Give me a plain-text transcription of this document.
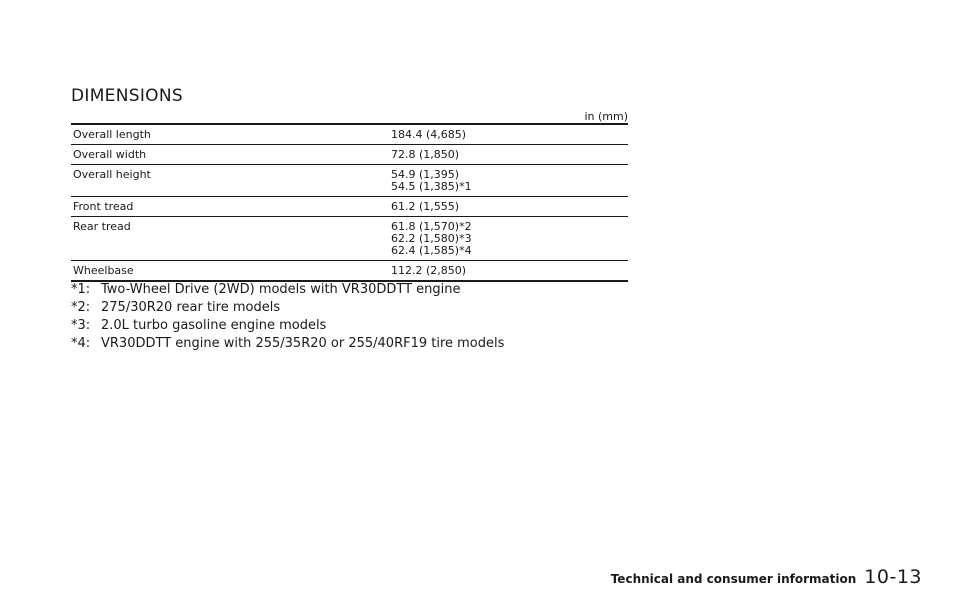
DIMENSIONS
in (mm)
Overall length	184.4 (4,685)

Overall width	72.8 (1,850)

Overall height	54.9 (1,395)
54.5 (1,385)*1

Front tread	61.2 (1,555)

Rear tread	61.8 (1,570)*2
62.2 (1,580)*3
62.4 (1,585)*4

Wheelbase	112.2 (2,850)
*1: Two-Wheel Drive (2WD) models with VR30DDTT engine
*2: 275/30R20 rear tire models
*3: 2.0L turbo gasoline engine models
*4: VR30DDTT engine with 255/35R20 or 255/40RF19 tire models
Technical and consumer information 10-13
